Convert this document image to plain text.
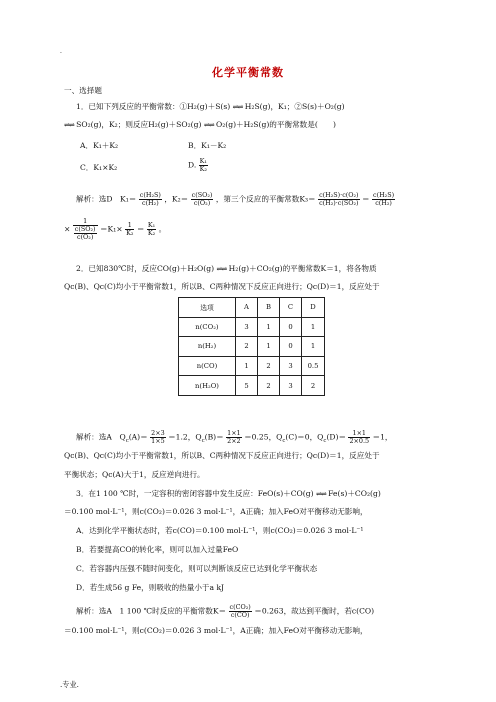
.
化学平衡常数
一、选择题
1．已知下列反应的平衡常数：①H₂(g)＋S(s) ⇌⇌ H₂S(g)，K₁；②S(s)＋O₂(g)
⇌⇌ SO₂(g)，K₂；则反应H₂(g)＋SO₂(g) ⇌⇌ O₂(g)＋H₂S(g)的平衡常数是(　　)
A．K₁＋K₂	B．K₁－K₂
C．K₁×K₂	D. $\frac{\text{K₁}}{\text{K₂}}$
解析：选D　$K_1= \frac{\text{c(H₂S)}}{\text{c(H₂)}}$ ，$K_2= \frac{\text{c(SO₂)}}{\text{c(O₂)}}$ ，第三个反应的平衡常数$K_3= \frac{\text{c(H₂S)·c(O₂)}}{\text{c(H₂)·c(SO₂)}} = \frac{\text{c(H₂S)}}{\text{c(H₂)}}$
× $\frac{1}{\frac{\text{c(SO₂)}}{\text{c(O₂)}}} =K_1\times \frac{1}{\text{K₂}} = \frac{\text{K₁}}{\text{K₂}}$ 。
2．已知830℃时，反应CO(g)＋H₂O(g) ⇌⇌ H₂(g)＋CO₂(g)的平衡常数K＝1，将各物质
Qc(B)、Qc(C)均小于平衡常数1，所以B、C两种情况下反应正向进行；Qc(D)＝1，反应处于
选项	A	B	C	D
n(CO₂)	3	1	0	1
n(H₂)	2	1	0	1
n(CO)	1	2	3	0.5
n(H₂O)	5	2	3	2
解析：选A　$Q_c(A)= \frac{2\times 3}{1\times 5} =1.2$，$Q_c(B)= \frac{1\times 1}{2\times 2} =0.25$，$Q_c(C)=0$，$Q_c(D)= \frac{1\times 1}{2\times 0.5} =1$，
Qc(B)、Qc(C)均小于平衡常数1，所以B、C两种情况下反应正向进行；Qc(D)＝1，反应处于
平衡状态；Qc(A)大于1，反应逆向进行。
3．在1 100 ℃时，一定容积的密闭容器中发生反应：FeO(s)＋CO(g) ⇌⇌ Fe(s)＋CO₂(g)
＝0.100 mol·L⁻¹，则c(CO₂)＝0.026 3 mol·L⁻¹，A正确；加入FeO对平衡移动无影响，
A．达到化学平衡状态时，若c(CO)＝0.100 mol·L⁻¹，则c(CO₂)＝0.026 3 mol·L⁻¹
B．若要提高CO的转化率，则可以加入过量FeO
C．若容器内压强不随时间变化，则可以判断该反应已达到化学平衡状态
D．若生成56 g Fe，则吸收的热量小于a kJ
解析：选A　1 100 ℃时反应的平衡常数$K= \frac{\text{c(CO₂)}}{c(CO)} =0.263$，故达到平衡时，若c(CO)
＝0.100 mol·L⁻¹，则c(CO₂)＝0.026 3 mol·L⁻¹，A正确；加入FeO对平衡移动无影响，
.专业.
